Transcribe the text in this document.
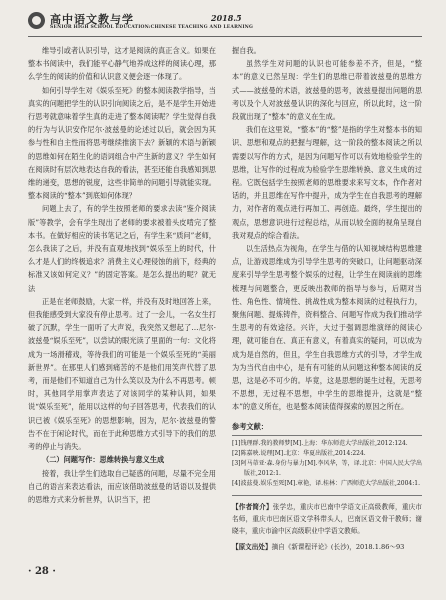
高中语文教与学	2018.5
SENIOR HIGH SCHOOL EDUCATION:CHINESE TEACHING AND LEARNING

维导引或者认识引导，这才是阅读的真正含义。如果在整本书阅读中，我们能平心静气地养成这样的阅读心理，那么学生的阅读的价值和认识意义便会逐一体现了。

如何引导学生对《娱乐至死》的整本阅读教学指导，当真实的问题把学生的认识引向阅读之后，是不是学生开始进行思考就意味着学生真的走进了整本阅读呢？学生觉得自我的行为与认识安作尼尔·波兹曼的论述过以后，就会因为其参与性和自主性而将思考继续推演下去？新颖的术语与新颖的思维如何在陌生化的语词组合中产生新的意义？学生如何在阅读时有层次地表达自我的看法，甚至还能自我感知到思维的递变，思想的锐度，这些非简单的问题引导就能实现。整本阅读的“整本”到底如何体现？

问题上去了，有的学生按照老师的要求去读“鉴介阅读版”等教学，会有学生现出了老师的要求被着头皮啃完了整本书。在做好相应的读书笔记之后，有学生来“质问”老师，怎么我读了之后，并没有直观地找到“娱乐至上的时代，什么才是人们的终极追求？消费主义心理侵蚀的前下，经典的标准又该如何定义？”的固定答案。是怎么提出的呢？就无法

正是在老师鼓励，大家一样，并没有及时地回答上来，但我能感受到大家没有停止思考。过了一会儿，一名女生打破了沉默，学生一面听了大声说，我突然又想起了…尼尔·波兹曼“娱乐至死”，以尝试的眼光读了里面的一句：文化将成为一场滑稽戏，等待我们的可能是一个娱乐至死的“美丽新世界”。在那里人们感到痛苦的不是他们用笑声代替了思考，而是他们不知道自己为什么笑以及为什么不再思考。顿时，其他同学用掌声表达了对该同学的某种认同，如果说“娱乐至死”，能用以这样的句子回答思考，代表我们的认识已被《娱乐至死》的思想影响，因为，尼尔·波兹曼的警告不在于闲论时代，而在于此种思维方式引导下的我们的思考的停止与消失。

（二）问题写作：思维转换与意义生成

接着，我让学生们选取自己疑惑的问题，尽量不完全用自己的语言来表达看法，而应该借助波兹曼的话语以及提供的思维方式来分析世界，认识当下，把

握自我。

虽然学生对问题的认识也可能参差不齐，但是，“整本”的意义已然呈现：学生们的思维已带着波兹曼的思维方式——波兹曼的术语，波兹曼的思考，波兹曼提出问题的思考以及个人对波兹曼认识的深化与回应，所以此时，这一阶段就出现了“整本”的意义在生成。

我们在这里说，“整本”的“整”是指的学生对整本书的知识、思想和观点的把握与理解，这一阶段的整本阅读之所以需要以写作的方式，是因为问题写作可以有效地检验学生的思维，让写作的过程成为检验学生思维转换、意义生成的过程。它既包括学生按照老师的思维要求来写文本，作作者对话的，并且思维在写作中提升，成为学生在自我思考的理解力，对作者的观点进行再加工、再创造。最终，学生提出的观点，思想意识进行过程总结，从而以较全面的视角呈现自我对观点的综合看法。

以生活热点为视角，在学生与借的认知视域结构思维建点，让游戏思维成为引导学生思考的突破口，让问题驱动深度来引导学生思考整个娱乐的过程，让学生在阅读前的思维梳理与问题整合，更反映出教师的指导与参与，后期对当性、角色性、情境性、挑战性成为整本阅读的过程执行力，聚焦问题、提炼铸件，资料整合、问题写作成为我们推动学生思考的有效途径。兴许，大过于强调思维演绎的阅读心理，就可能自在、真正有意义，有着真实的疑问，可以成为成为是自然的，但且，学生自我思维方式的引导，才学生成为为当代自由中心，是有有可能的从问题这种整本阅读的反思，这是必不可少的。毕竟，这是思想的诞生过程，无思考不思想，无过程不思想，中学生的思维提升，这就是“整本”的意义所在，也是整本阅读值得探索的原因之所在。

参考文献：
[1]钱理群.我的教师梦[M].上海：华东师范大学出版社,2012:124.
[2]陈嘉映.说理[M].北京：华夏出版社,2014:224.
[3]阿马蒂亚·森.身份与暴力[M].李风华，等，译.北京：中国人民大学出版社,2012:1.
[4]波兹曼.娱乐至死[M].章艳，译.桂林：广西师范大学出版社,2004:1.
【作者简介】张学忠，重庆市巴南中学语文正高级教师，重庆市名师，重庆市巴南区语文学科带头人，巴南区语文骨干教师；谢晓丰，重庆市渝中区高级职业中学语文教师。
【原文出处】摘自《新课程评论》(长沙)，2018.1.86～93
· 28 ·
